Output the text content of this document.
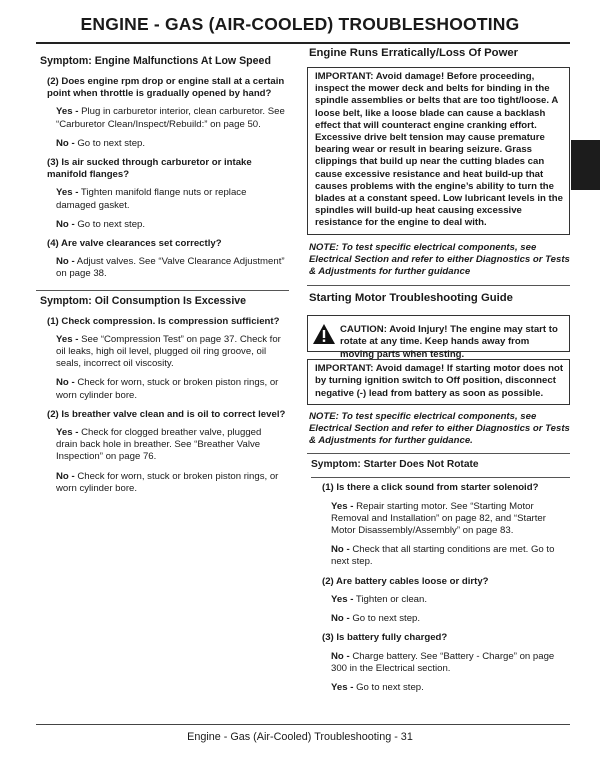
ENGINE - GAS (AIR-COOLED) TROUBLESHOOTING
Symptom: Engine Malfunctions At Low Speed
(2) Does engine rpm drop or engine stall at a certain point when throttle is gradually opened by hand?
Yes - Plug in carburetor interior, clean carburetor. See “Carburetor Clean/Inspect/Rebuild:” on page 50.
No - Go to next step.
(3) Is air sucked through carburetor or intake manifold flanges?
Yes - Tighten manifold flange nuts or replace damaged gasket.
No - Go to next step.
(4) Are valve clearances set correctly?
No - Adjust valves. See “Valve Clearance Adjustment” on page 38.
Symptom: Oil Consumption Is Excessive
(1) Check compression. Is compression sufficient?
Yes - See “Compression Test” on page 37. Check for oil leaks, high oil level, plugged oil ring groove, oil seals, incorrect oil viscosity.
No - Check for worn, stuck or broken piston rings, or worn cylinder bore.
(2) Is breather valve clean and is oil to correct level?
Yes - Check for clogged breather valve, plugged drain back hole in breather. See “Breather Valve Inspection” on page 76.
No - Check for worn, stuck or broken piston rings, or worn cylinder bore.
Engine Runs Erratically/Loss Of Power
IMPORTANT: Avoid damage! Before proceeding, inspect the mower deck and belts for binding in the spindle assemblies or belts that are too tight/loose. A loose belt, like a loose blade can cause a backlash effect that will counteract engine cranking effort. Excessive drive belt tension may cause premature bearing wear or result in bearing seizure. Grass clippings that build up near the cutting blades can cause excessive resistance and heat build-up that causes problems with the engine’s ability to turn the blades at a constant speed. Low lubricant levels in the spindles will build-up heat causing excessive resistance for the engine to deal with.
NOTE: To test specific electrical components, see Electrical Section and refer to either Diagnostics or Tests & Adjustments for further guidance
Starting Motor Troubleshooting Guide
CAUTION: Avoid Injury! The engine may start to rotate at any time. Keep hands away from moving parts when testing.
IMPORTANT: Avoid damage! If starting motor does not by turning ignition switch to Off position, disconnect negative (-) lead from battery as soon as possible.
NOTE: To test specific electrical components, see Electrical Section and refer to either Diagnostics or Tests & Adjustments for further guidance.
Symptom: Starter Does Not Rotate
(1) Is there a click sound from starter solenoid?
Yes - Repair starting motor. See “Starting Motor Removal and Installation” on page 82, and “Starter Motor Disassembly/Assembly” on page 83.
No - Check that all starting conditions are met. Go to next step.
(2) Are battery cables loose or dirty?
Yes - Tighten or clean.
No - Go to next step.
(3) Is battery fully charged?
No - Charge battery. See “Battery - Charge” on page 300 in the Electrical section.
Yes - Go to next step.
Engine - Gas (Air-Cooled) Troubleshooting - 31
